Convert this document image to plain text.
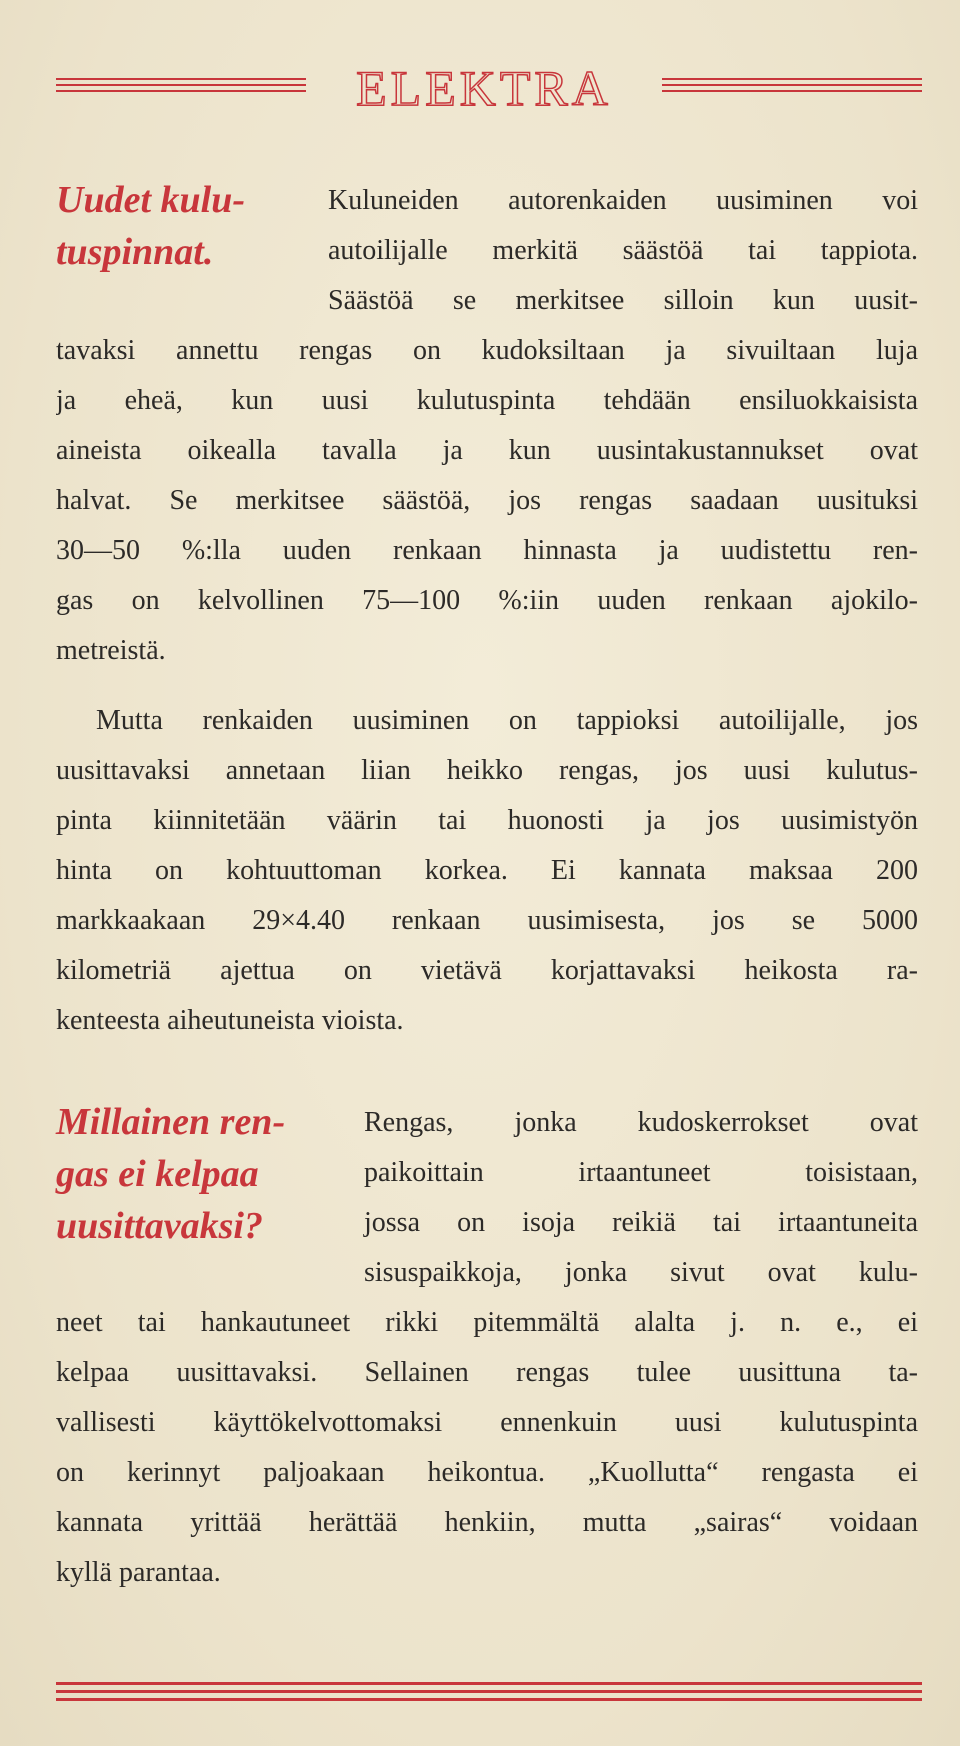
ELEKTRA
Uudet kulu-
tuspinnat.
Kuluneiden autorenkaiden uusiminen voi
autoilijalle merkitä säästöä tai tappiota.
Säästöä se merkitsee silloin kun uusit-
tavaksi annettu rengas on kudoksiltaan ja sivuiltaan luja
ja eheä, kun uusi kulutuspinta tehdään ensiluokkaisista
aineista oikealla tavalla ja kun uusintakustannukset ovat
halvat. Se merkitsee säästöä, jos rengas saadaan uusituksi
30—50 %:lla uuden renkaan hinnasta ja uudistettu ren-
gas on kelvollinen 75—100 %:iin uuden renkaan ajokilo-
metreistä.
Mutta renkaiden uusiminen on tappioksi autoilijalle, jos
uusittavaksi annetaan liian heikko rengas, jos uusi kulutus-
pinta kiinnitetään väärin tai huonosti ja jos uusimistyön
hinta on kohtuuttoman korkea. Ei kannata maksaa 200
markkaakaan 29×4.40 renkaan uusimisesta, jos se 5000
kilometriä ajettua on vietävä korjattavaksi heikosta ra-
kenteesta aiheutuneista vioista.
Millainen ren-
gas ei kelpaa
uusittavaksi?
Rengas, jonka kudoskerrokset ovat
paikoittain irtaantuneet toisistaan,
jossa on isoja reikiä tai irtaantuneita
sisuspaikkoja, jonka sivut ovat kulu-
neet tai hankautuneet rikki pitemmältä alalta j. n. e., ei
kelpaa uusittavaksi. Sellainen rengas tulee uusittuna ta-
vallisesti käyttökelvottomaksi ennenkuin uusi kulutuspinta
on kerinnyt paljoakaan heikontua. „Kuollutta“ rengasta ei
kannata yrittää herättää henkiin, mutta „sairas“ voidaan
kyllä parantaa.
